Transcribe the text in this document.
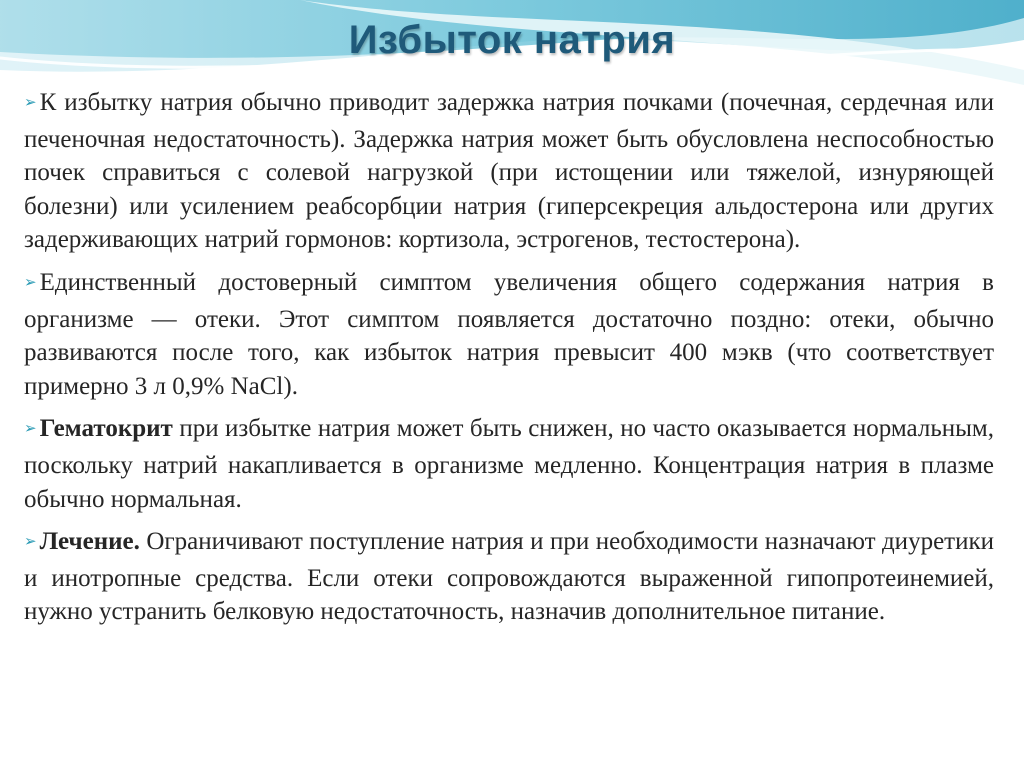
Избыток натрия

➢ К избытку натрия обычно приводит задержка натрия почками (почечная, сердечная или печеночная недостаточность). Задержка натрия может быть обусловлена неспособностью почек справиться с солевой нагрузкой (при истощении или тяжелой, изнуряющей болезни) или усилением реабсорбции натрия (гиперсекреция альдостерона или других задерживающих натрий гормонов: кортизола, эстрогенов, тестостерона).

➢ Единственный достоверный симптом увеличения общего содержания натрия в организме — отеки. Этот симптом появляется достаточно поздно: отеки, обычно развиваются после того, как избыток натрия превысит 400 мэкв (что соответствует примерно 3 л 0,9% NaCl).

➢ Гематокрит при избытке натрия может быть снижен, но часто оказывается нормальным, поскольку натрий накапливается в организме медленно. Концентрация натрия в плазме обычно нормальная.

➢ Лечение. Ограничивают поступление натрия и при необходимости назначают диуретики и инотропные средства. Если отеки сопровождаются выраженной гипопротеинемией, нужно устранить белковую недостаточность, назначив дополнительное питание.
